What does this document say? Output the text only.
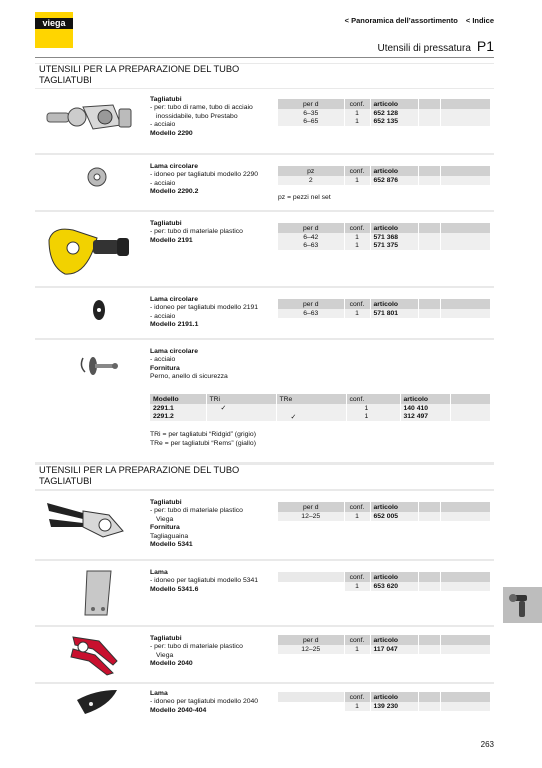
viega	< Panoramica dell’assortimento < Indice
Utensili di pressatura P1
UTENSILI PER LA PREPARAZIONE DEL TUBO
TAGLIATUBI
Tagliatubi
- per: tubo di rame, tubo di acciaio
inossidabile, tubo Prestabo
- acciaio
Modello 2290
per d	conf.	articolo		
6–35	1	652 128		
6–65	1	652 135		
Lama circolare
- idoneo per tagliatubi modello 2290
- acciaio
Modello 2290.2
pz	conf.	articolo		
2	1	652 876		
pz = pezzi nel set
Tagliatubi
- per: tubo di materiale plastico
Modello 2191
per d	conf.	articolo		
6–42	1	571 368		
6–63	1	571 375		
Lama circolare
- idoneo per tagliatubi modello 2191
- acciaio
Modello 2191.1
per d	conf.	articolo		
6–63	1	571 801		
Lama circolare
- acciaio
Fornitura
Perno, anello di sicurezza
Modello	TRi	TRe	conf.	articolo	
2291.1	✓		1	140 410	
2291.2		✓	1	312 497	
TRi = per tagliatubi “Ridgid” (grigio)
TRe = per tagliatubi “Rems” (giallo)
UTENSILI PER LA PREPARAZIONE DEL TUBO
TAGLIATUBI
Tagliatubi
- per: tubo di materiale plastico
Viega
Fornitura
Tagliaguaina
Modello 5341
per d	conf.	articolo		
12–25	1	652 005		
Lama
- idoneo per tagliatubi modello 5341
Modello 5341.6
	conf.	articolo		
	1	653 620		
Tagliatubi
- per: tubo di materiale plastico
Viega
Modello 2040
per d	conf.	articolo		
12–25	1	117 047		
Lama
- idoneo per tagliatubi modello 2040
Modello 2040-404
	conf.	articolo		
	1	139 230		
263
